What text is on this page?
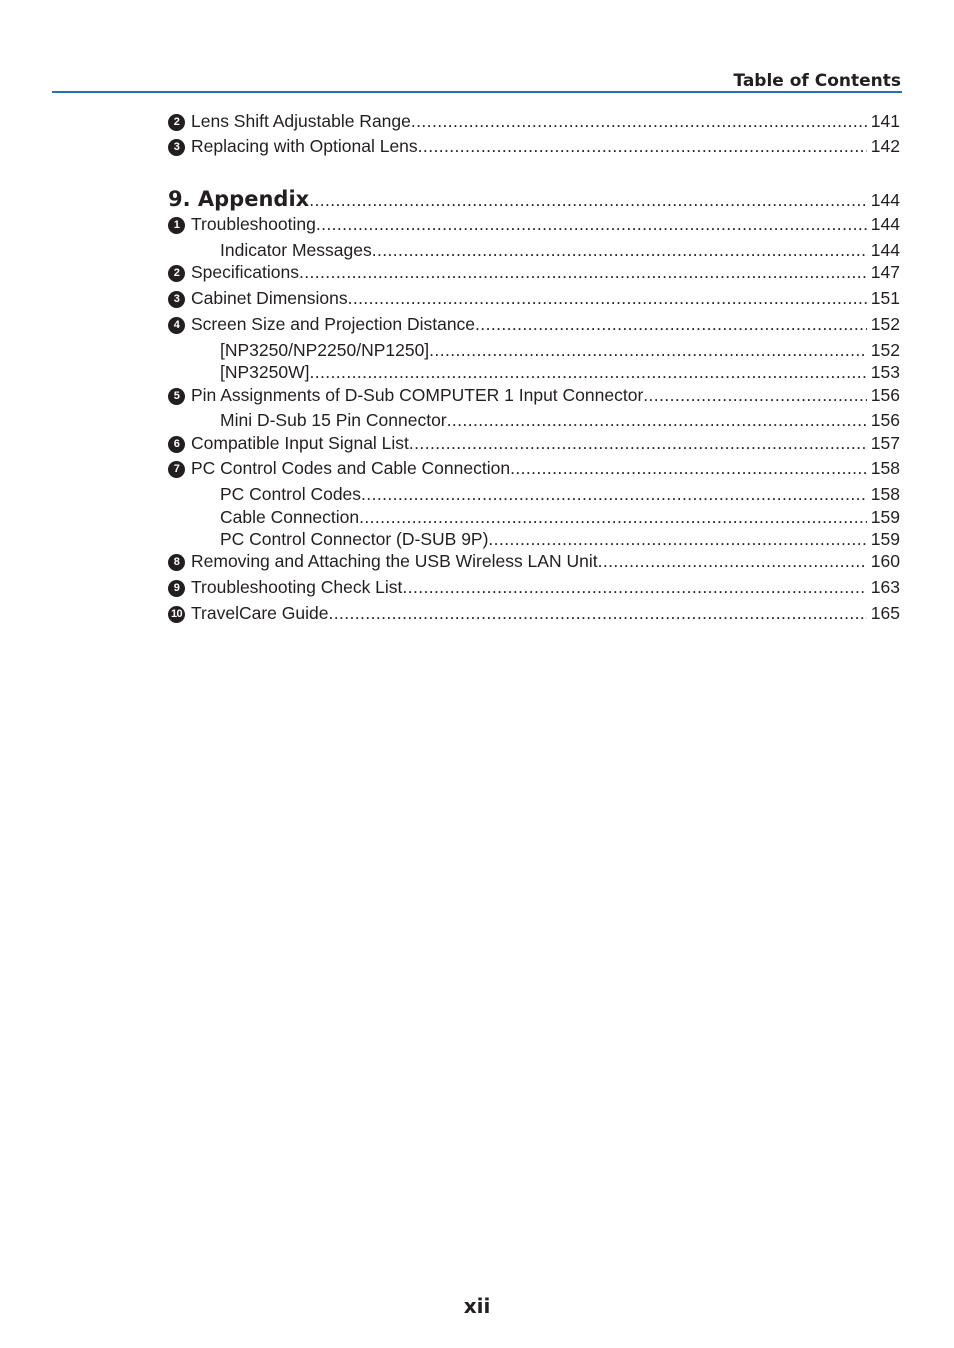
Table of Contents
2 Lens Shift Adjustable Range .....	141
3 Replacing with Optional Lens .....	142
9. Appendix .....	144
1 Troubleshooting .....	144
Indicator Messages .....	144
2 Specifications .....	147
3 Cabinet Dimensions .....	151
4 Screen Size and Projection Distance .....	152
[NP3250/NP2250/NP1250] .....	152
[NP3250W] .....	153
5 Pin Assignments of D-Sub COMPUTER 1 Input Connector .....	156
Mini D-Sub 15 Pin Connector .....	156
6 Compatible Input Signal List .....	157
7 PC Control Codes and Cable Connection .....	158
PC Control Codes .....	158
Cable Connection .....	159
PC Control Connector (D-SUB 9P) .....	159
8 Removing and Attaching the USB Wireless LAN Unit .....	160
9 Troubleshooting Check List .....	163
10 TravelCare Guide .....	165
xii
